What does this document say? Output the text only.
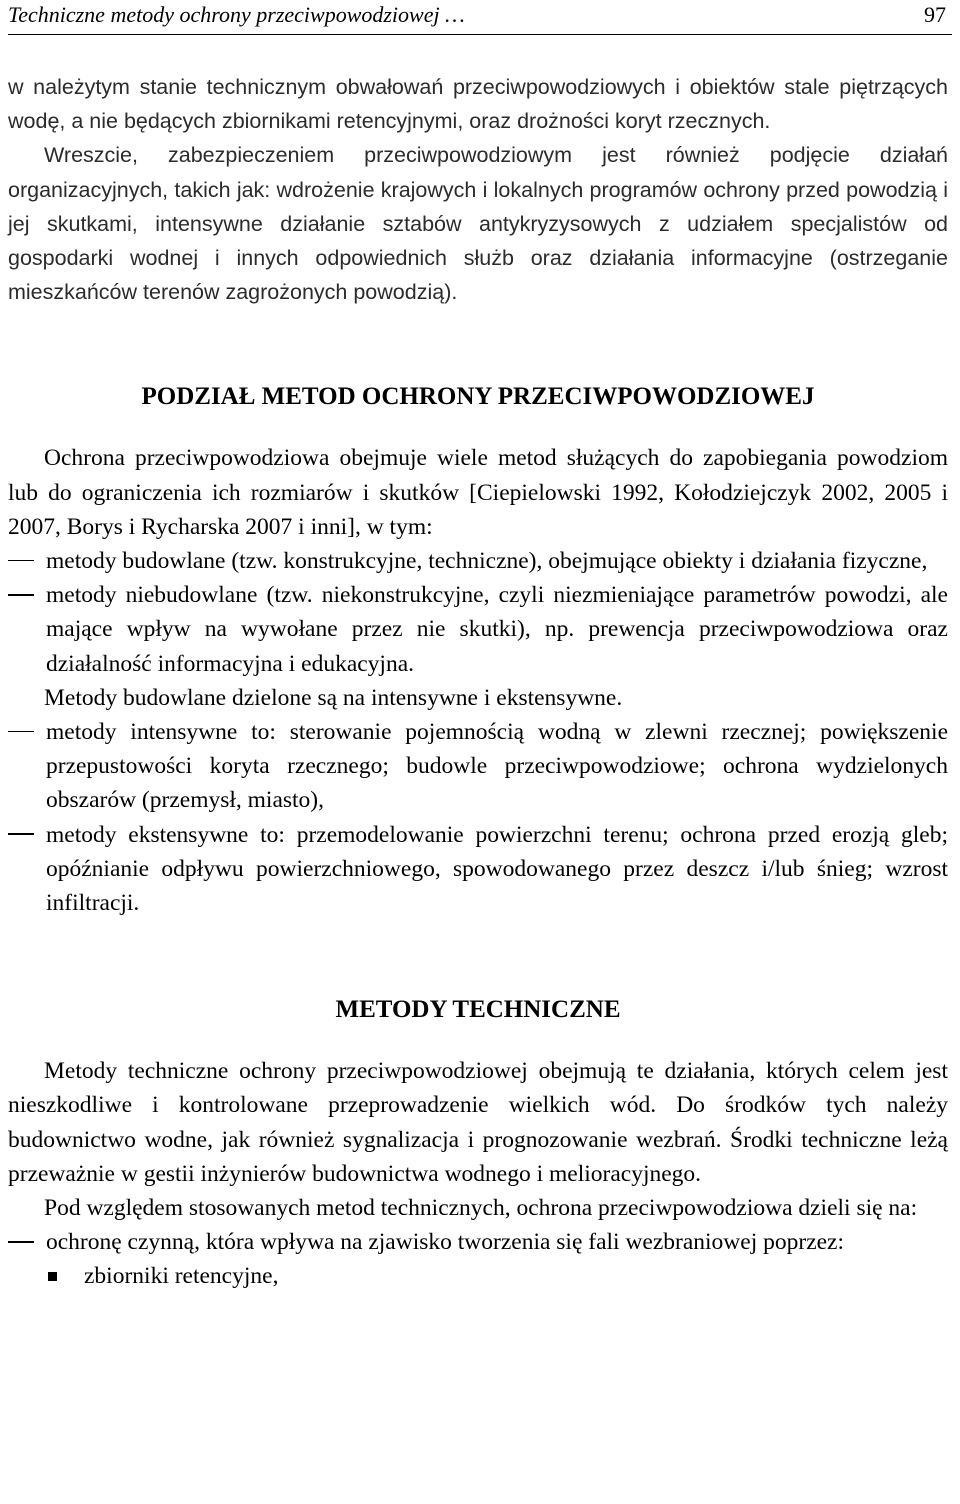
Techniczne metody ochrony przeciwpowodziowej …	97

w należytym stanie technicznym obwałowań przeciwpowodziowych i obiektów stale piętrzących wodę, a nie będących zbiornikami retencyjnymi, oraz drożności koryt rzecznych.

Wreszcie, zabezpieczeniem przeciwpowodziowym jest również podjęcie działań organizacyjnych, takich jak: wdrożenie krajowych i lokalnych programów ochrony przed powodzią i jej skutkami, intensywne działanie sztabów antykryzysowych z udziałem specjalistów od gospodarki wodnej i innych odpowiednich służb oraz działania informacyjne (ostrzeganie mieszkańców terenów zagrożonych powodzią).

PODZIAŁ METOD OCHRONY PRZECIWPOWODZIOWEJ

Ochrona przeciwpowodziowa obejmuje wiele metod służących do zapobiegania powodziom lub do ograniczenia ich rozmiarów i skutków [Ciepielowski 1992, Kołodziejczyk 2002, 2005 i 2007, Borys i Rycharska 2007 i inni], w tym:

metody budowlane (tzw. konstrukcyjne, techniczne), obejmujące obiekty i działania fizyczne,
metody niebudowlane (tzw. niekonstrukcyjne, czyli niezmieniające parametrów powodzi, ale mające wpływ na wywołane przez nie skutki), np. prewencja przeciwpowodziowa oraz działalność informacyjna i edukacyjna.

Metody budowlane dzielone są na intensywne i ekstensywne.

metody intensywne to: sterowanie pojemnością wodną w zlewni rzecznej; powiększenie przepustowości koryta rzecznego; budowle przeciwpowodziowe; ochrona wydzielonych obszarów (przemysł, miasto),
metody ekstensywne to: przemodelowanie powierzchni terenu; ochrona przed erozją gleb; opóźnianie odpływu powierzchniowego, spowodowanego przez deszcz i/lub śnieg; wzrost infiltracji.
METODY TECHNICZNE

Metody techniczne ochrony przeciwpowodziowej obejmują te działania, których celem jest nieszkodliwe i kontrolowane przeprowadzenie wielkich wód. Do środków tych należy budownictwo wodne, jak również sygnalizacja i prognozowanie wezbrań. Środki techniczne leżą przeważnie w gestii inżynierów budownictwa wodnego i melioracyjnego.

Pod względem stosowanych metod technicznych, ochrona przeciwpowodziowa dzieli się na:

ochronę czynną, która wpływa na zjawisko tworzenia się fali wezbraniowej poprzez:
zbiorniki retencyjne,
